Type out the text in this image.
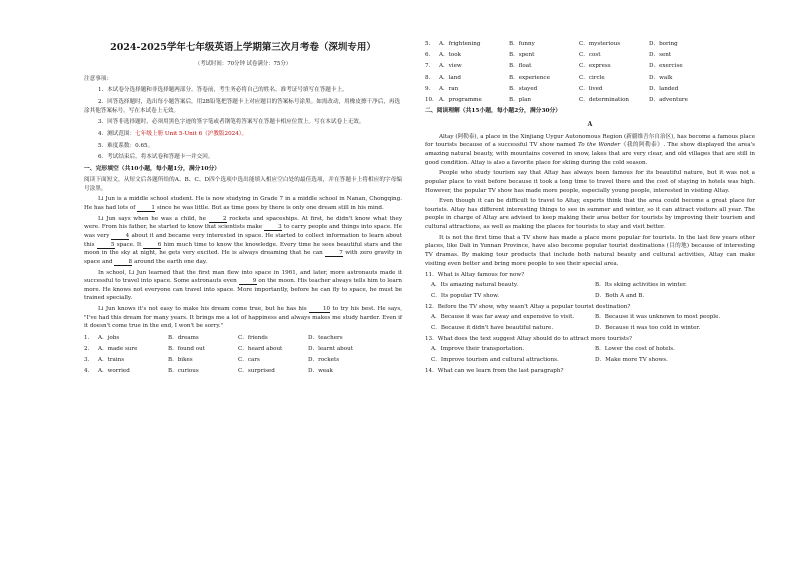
2024-2025学年七年级英语上学期第三次月考卷（深圳专用）
（考试时间：70分钟 试卷满分：75分）

注意事项：

1．本试卷分选择题和非选择题两部分。答卷前，考生务必将自己的姓名、准考证号填写在答题卡上。

2．回答选择题时，选出每小题答案后，用2B铅笔把答题卡上对应题目的答案标号涂黑。如需改动，用橡皮擦干净后，再选涂其他答案标号。写在本试卷上无效。

3．回答非选择题时，必须用黑色字迹的签字笔或者钢笔将答案写在答题卡相应位置上。写在本试卷上无效。

4．测试范围：七年级上册 Unit 5-Unit 6（沪教版2024）。

5．难度系数：0.65。

6．考试结束后，将本试卷和答题卡一并交回。

一、完形填空（共10小题，每小题1分，满分10分）

阅读下面短文，从短文后各题所给的A、B、C、D四个选项中选出能填入相应空白处的最佳选项，并在答题卡上将相应的字母编号涂黑。

Li Jun is a middle school student. He is now studying in Grade 7 in a middle school in Nanan, Chongqing. He has had lots of	1 since he was little. But as time goes by there is only one dream still in his mind.

Li Jun says when he was a child, he	2 rockets and spaceships. At first, he didn't know what they were. From his father, he started to know that scientists make	3 to carry people and things into space. He was very	4 about it and became very interested in space. He started to collect information to learn about this	5 space. It	6 him much time to know the knowledge. Every time he sees beautiful stars and the moon in the sky at night, he gets very excited. He is always dreaming that he can	7 with zero gravity in space and	8 around the earth one day.

In school, Li Jun learned that the first man flew into space in 1961, and later, more astronauts made it successful to travel into space. Some astronauts even	9 on the moon. His teacher always tells him to learn more. He knows not everyone can travel into space. More importantly, before he can fly to space, he must be trained specially.

Li Jun knows it's not easy to make his dream come true, but he has his	10 to try his best. He says, "I've had this dream for many years. It brings me a lot of happiness and always makes me study harder. Even if it doesn't come true in the end, I won't be sorry."

1． A．jobs	B．dreams	C．friends	D．teachers
2． A．made sure	B．found out	C．heard about	D．learnt about
3． A．trains	B．bikes	C．cars	D．rockets
4． A．worried	B．curious	C．surprised	D．weak
5． A．frightening	B．funny	C．mysterious	D．boring
6． A．took	B．spent	C．cost	D．sent
7． A．view	B．float	C．express	D．exercise
8． A．land	B．experience	C．circle	D．walk
9． A．ran	B．stayed	C．lived	D．landed
10． A．programme	B．plan	C．determination	D．adventure

二、阅读理解（共15小题，每小题2分，满分30分）

A

Altay (阿勒泰), a place in the Xinjiang Uygur Autonomous Region (新疆维吾尔自治区), has become a famous place for tourists because of a successful TV show named To the Wonder《我的阿勒泰》. The show displayed the area's amazing natural beauty, with mountains covered in snow, lakes that are very clear, and old villages that are still in good condition. Altay is also a favorite place for skiing during the cold season.

People who study tourism say that Altay has always been famous for its beautiful nature, but it was not a popular place to visit before because it took a long time to travel there and the cost of staying in hotels was high. However, the popular TV show has made more people, especially young people, interested in visiting Altay.

Even though it can be difficult to travel to Altay, experts think that the area could become a great place for tourists. Altay has different interesting things to see in summer and winter, so it can attract visitors all year. The people in charge of Altay are advised to keep making their area better for tourists by improving their tourism and cultural attractions, as well as making the places for tourists to stay and visit better.

It is not the first time that a TV show has made a place more popular for tourists. In the last few years other places, like Dali in Yunnan Province, have also become popular tourist destinations (目的地) because of interesting TV dramas. By making tour products that include both natural beauty and cultural activities, Altay can make visiting even better and bring more people to see their special area.

11．What is Altay famous for now?

A．Its amazing natural beauty.	B．Its skiing activities in winter.
C．Its popular TV show.	D．Both A and B.

12．Before the TV show, why wasn't Altay a popular tourist destination?

A．Because it was far away and expensive to visit.	B．Because it was unknown to most people.
C．Because it didn't have beautiful nature.	D．Because it was too cold in winter.

13．What does the text suggest Altay should do to attract more tourists?

A．Improve their transportation.	B．Lower the cost of hotels.
C．Improve tourism and cultural attractions.	D．Make more TV shows.

14．What can we learn from the last paragraph?
